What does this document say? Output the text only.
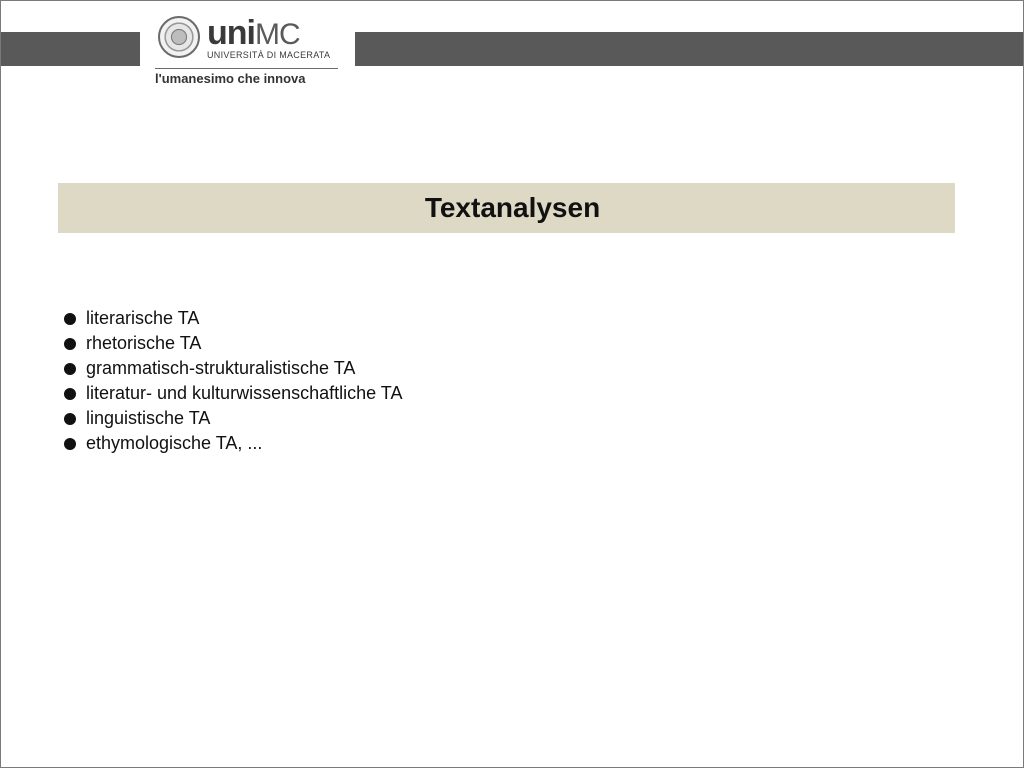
uniMC
UNIVERSITÀ DI MACERATA
l'umanesimo che innova
Textanalysen
literarische TA
rhetorische TA
grammatisch-strukturalistische TA
literatur- und kulturwissenschaftliche TA
linguistische TA
ethymologische TA, ...
